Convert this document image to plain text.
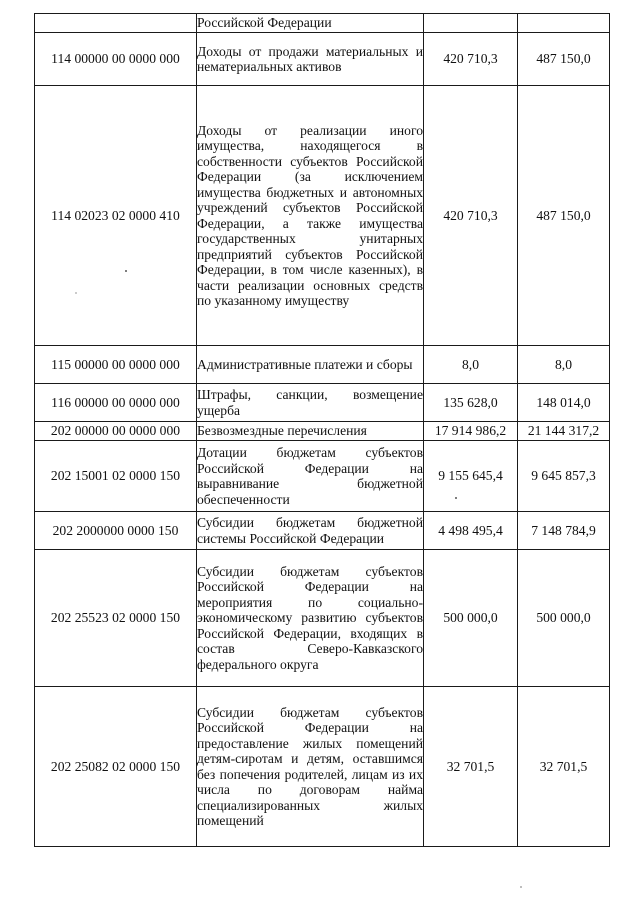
	Российской Федерации		
114 00000 00 0000 000	Доходы от продажи материальных и нематериальных активов	420 710,3	487 150,0
114 02023 02 0000 410	Доходы от реализации иного имущества, находящегося в собственности субъектов Российской Федерации (за исключением имущества бюджетных и автономных учреждений субъектов Российской Федерации, а также имущества государственных унитарных предприятий субъектов Российской Федерации, в том числе казенных), в части реализации основных средств по указанному имуществу	420 710,3	487 150,0
115 00000 00 0000 000	Административные платежи и сборы	8,0	8,0
116 00000 00 0000 000	Штрафы, санкции, возмещение ущерба	135 628,0	148 014,0
202 00000 00 0000 000	Безвозмездные перечисления	17 914 986,2	21 144 317,2
202 15001 02 0000 150	Дотации бюджетам субъектов Российской Федерации на выравнивание бюджетной обеспеченности	9 155 645,4	9 645 857,3
202 2000000 0000 150	Субсидии бюджетам бюджетной системы Российской Федерации	4 498 495,4	7 148 784,9
202 25523 02 0000 150	Субсидии бюджетам субъектов Российской Федерации на мероприятия по социально-экономическому развитию субъектов Российской Федерации, входящих в состав Северо-Кавказского федерального округа	500 000,0	500 000,0
202 25082 02 0000 150	Субсидии бюджетам субъектов Российской Федерации на предоставление жилых помещений детям-сиротам и детям, оставшимся без попечения родителей, лицам из их числа по договорам найма специализированных жилых помещений	32 701,5	32 701,5
